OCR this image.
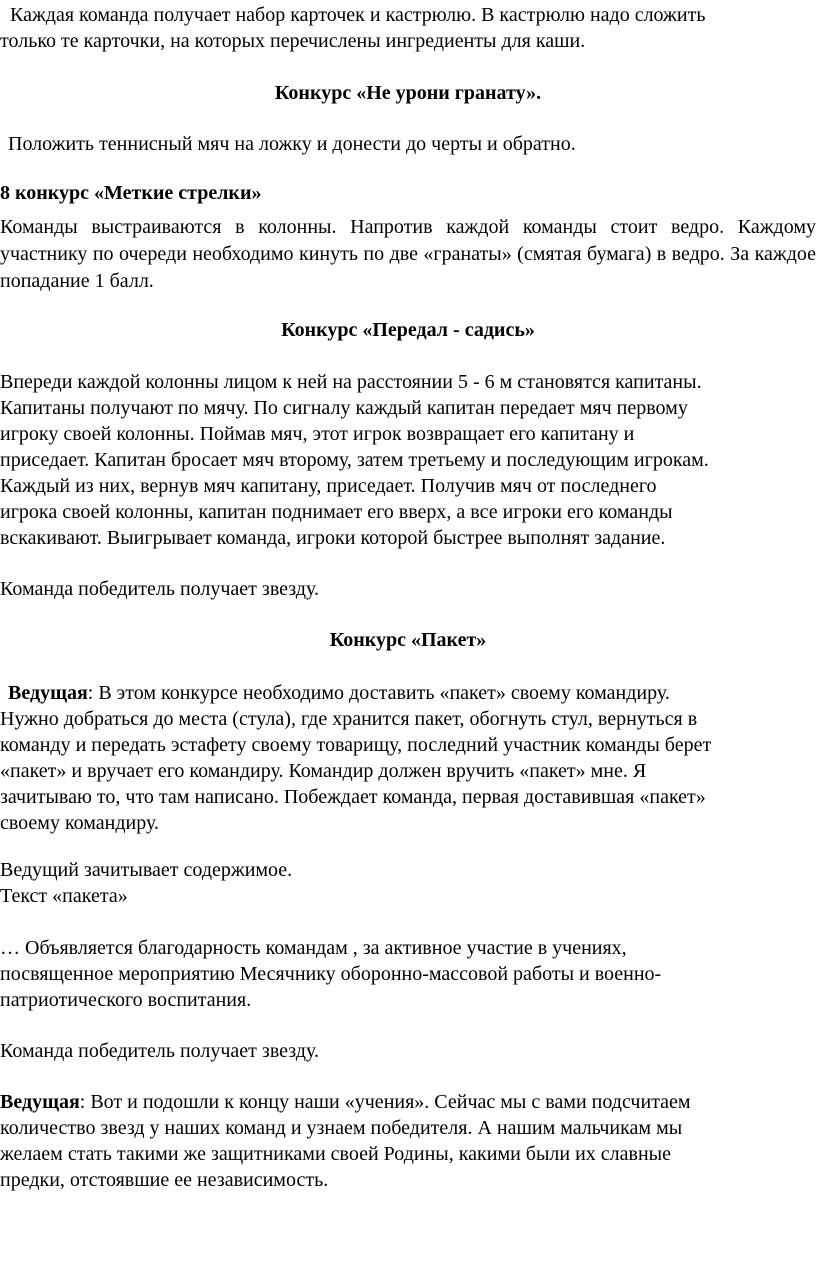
Каждая команда получает набор карточек и кастрюлю. В кастрюлю надо сложить
только те карточки, на которых перечислены ингредиенты для каши.
Конкурс «Не урони гранату».
Положить теннисный мяч на ложку и донести до черты и обратно.
8 конкурс «Меткие стрелки»
Команды выстраиваются в колонны. Напротив каждой команды стоит ведро. Каждому участнику по очереди необходимо кинуть по две «гранаты» (смятая бумага) в ведро. За каждое попадание 1 балл.
Конкурс «Передал - садись»
Впереди каждой колонны лицом к ней на расстоянии 5 - 6 м становятся капитаны.
Капитаны получают по мячу. По сигналу каждый капитан передает мяч первому
игроку своей колонны. Поймав мяч, этот игрок возвращает его капитану и
приседает. Капитан бросает мяч второму, затем третьему и последующим игрокам.
Каждый из них, вернув мяч капитану, приседает. Получив мяч от последнего
игрока своей колонны, капитан поднимает его вверх, а все игроки его команды
вскакивают. Выигрывает команда, игроки которой быстрее выполнят задание.
Команда победитель получает звезду.
Конкурс «Пакет»
Ведущая: В этом конкурсе необходимо доставить «пакет» своему командиру.
Нужно добраться до места (стула), где хранится пакет, обогнуть стул, вернуться в
команду и передать эстафету своему товарищу, последний участник команды берет
«пакет» и вручает его командиру. Командир должен вручить «пакет» мне. Я
зачитываю то, что там написано. Побеждает команда, первая доставившая «пакет»
своему командиру.
Ведущий зачитывает содержимое.
Текст «пакета»
… Объявляется благодарность командам , за активное участие в учениях,
посвященное мероприятию Месячнику оборонно-массовой работы и военно-
патриотического воспитания.
Команда победитель получает звезду.
Ведущая: Вот и подошли к концу наши «учения». Сейчас мы с вами подсчитаем
количество звезд у наших команд и узнаем победителя. А нашим мальчикам мы
желаем стать такими же защитниками своей Родины, какими были их славные
предки, отстоявшие ее независимость.
